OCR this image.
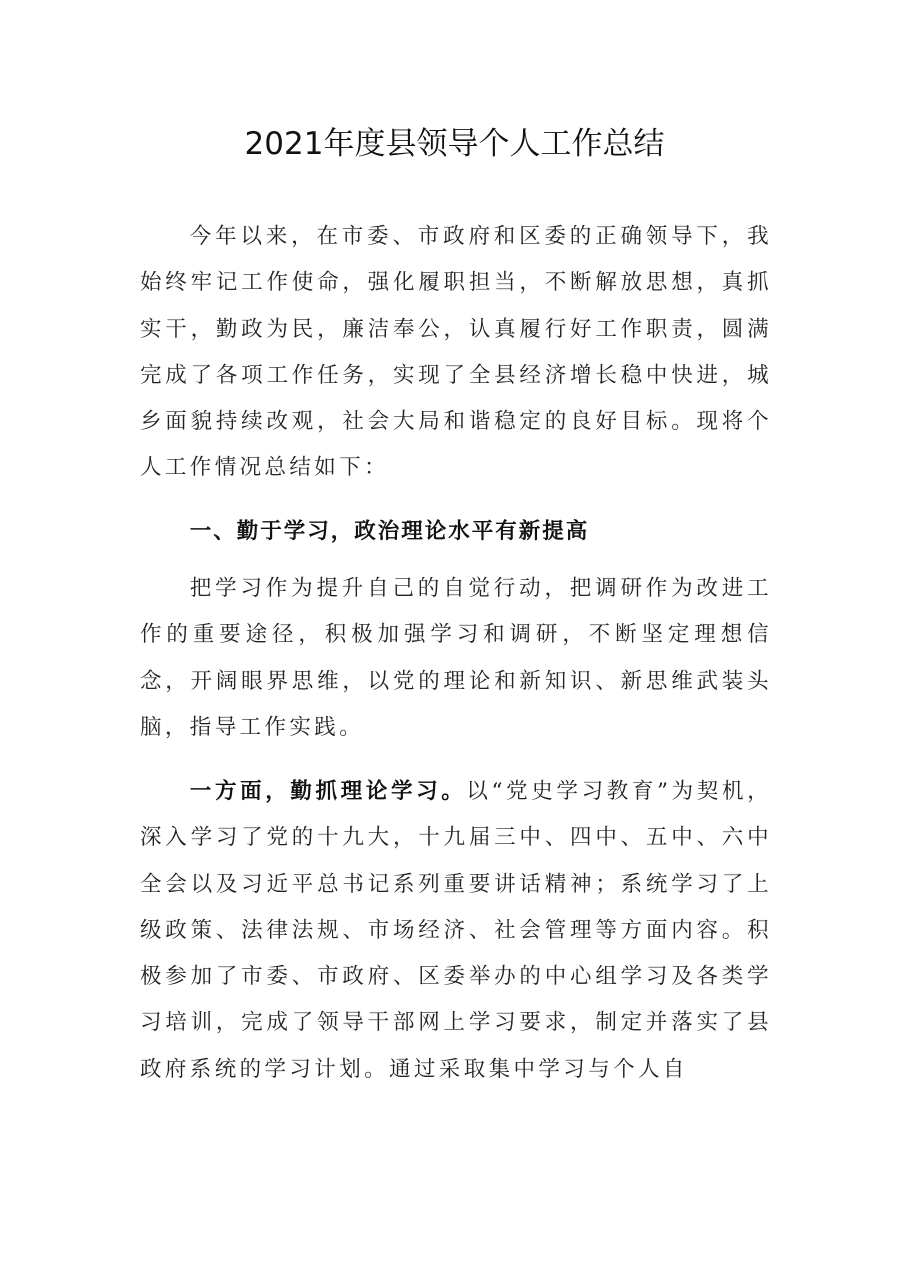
2021年度县领导个人工作总结
今年以来，在市委、市政府和区委的正确领导下，我始终牢记工作使命，强化履职担当，不断解放思想，真抓实干，勤政为民，廉洁奉公，认真履行好工作职责，圆满完成了各项工作任务，实现了全县经济增长稳中快进，城乡面貌持续改观，社会大局和谐稳定的良好目标。现将个人工作情况总结如下：
一、勤于学习，政治理论水平有新提高
把学习作为提升自己的自觉行动，把调研作为改进工作的重要途径，积极加强学习和调研，不断坚定理想信念，开阔眼界思维，以党的理论和新知识、新思维武装头脑，指导工作实践。
一方面，勤抓理论学习。以“党史学习教育”为契机，深入学习了党的十九大，十九届三中、四中、五中、六中全会以及习近平总书记系列重要讲话精神；系统学习了上级政策、法律法规、市场经济、社会管理等方面内容。积极参加了市委、市政府、区委举办的中心组学习及各类学习培训，完成了领导干部网上学习要求，制定并落实了县政府系统的学习计划。通过采取集中学习与个人自
